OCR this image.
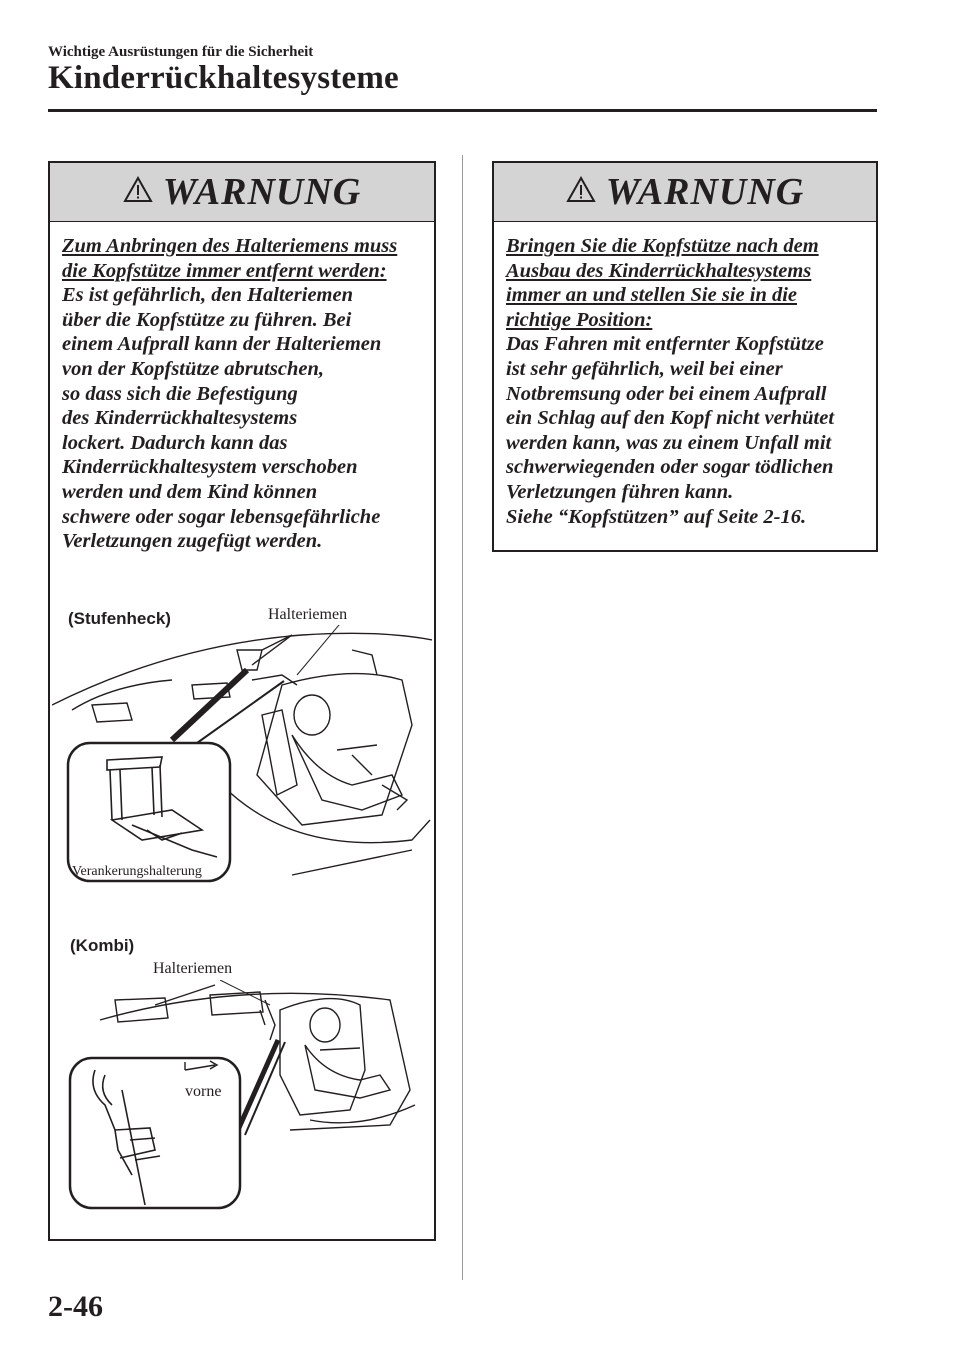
Wichtige Ausrüstungen für die Sicherheit
Kinderrückhaltesysteme
WARNUNG

Zum Anbringen des Halteriemens muss

die Kopfstütze immer entfernt werden:

Es ist gefährlich, den Halteriemen

über die Kopfstütze zu führen. Bei

einem Aufprall kann der Halteriemen

von der Kopfstütze abrutschen,

so dass sich die Befestigung

des Kinderrückhaltesystems

lockert. Dadurch kann das

Kinderrückhaltesystem verschoben

werden und dem Kind können

schwere oder sogar lebensgefährliche

Verletzungen zugefügt werden.

(Stufenheck)	Halteriemen
Verankerungshalterung
(Kombi)
Halteriemen
vorne
WARNUNG

Bringen Sie die Kopfstütze nach dem

Ausbau des Kinderrückhaltesystems

immer an und stellen Sie sie in die

richtige Position:

Das Fahren mit entfernter Kopfstütze

ist sehr gefährlich, weil bei einer

Notbremsung oder bei einem Aufprall

ein Schlag auf den Kopf nicht verhütet

werden kann, was zu einem Unfall mit

schwerwiegenden oder sogar tödlichen

Verletzungen führen kann.

Siehe “Kopfstützen” auf Seite 2-16.

2-46
